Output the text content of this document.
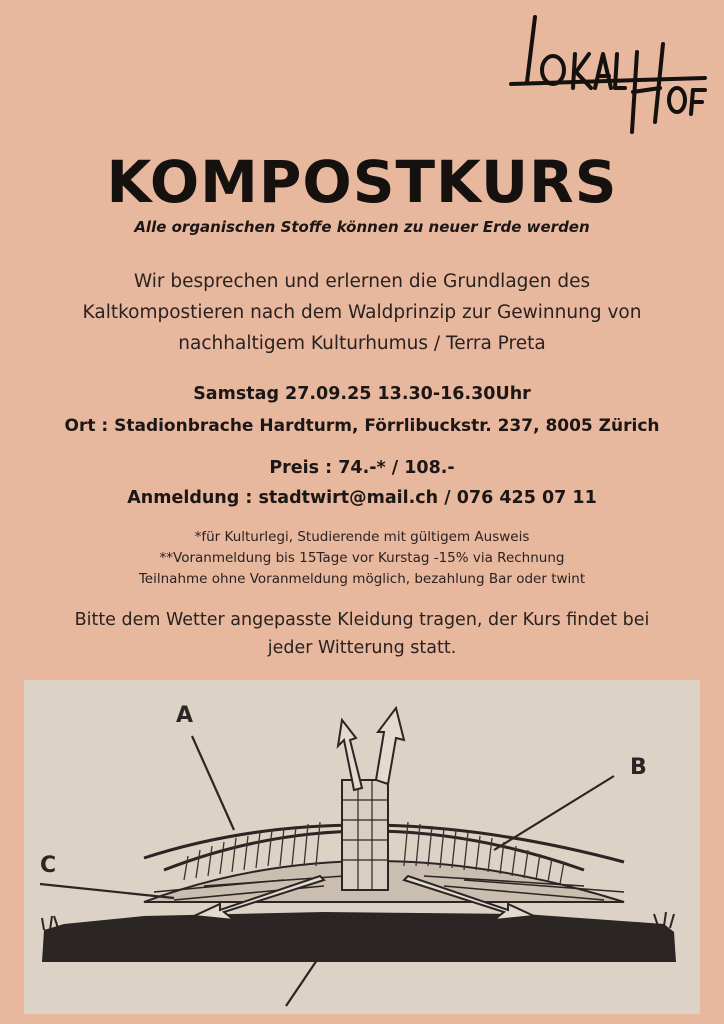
KOMPOSTKURS
Alle organischen Stoffe können zu neuer Erde werden
Wir besprechen und erlernen die Grundlagen des
Kaltkompostieren nach dem Waldprinzip zur Gewinnung von
nachhaltigem Kulturhumus / Terra Preta
Samstag 27.09.25 13.30-16.30Uhr
Ort : Stadionbrache Hardturm, Förrlibuckstr. 237, 8005 Zürich
Preis : 74.-* / 108.-
Anmeldung : stadtwirt@mail.ch / 076 425 07 11
*für Kulturlegi, Studierende mit gültigem Ausweis
**Voranmeldung bis 15Tage vor Kurstag -15% via Rechnung
Teilnahme ohne Voranmeldung möglich, bezahlung Bar oder twint
Bitte dem Wetter angepasste Kleidung tragen, der Kurs findet bei
jeder Witterung statt.
A
B
C
